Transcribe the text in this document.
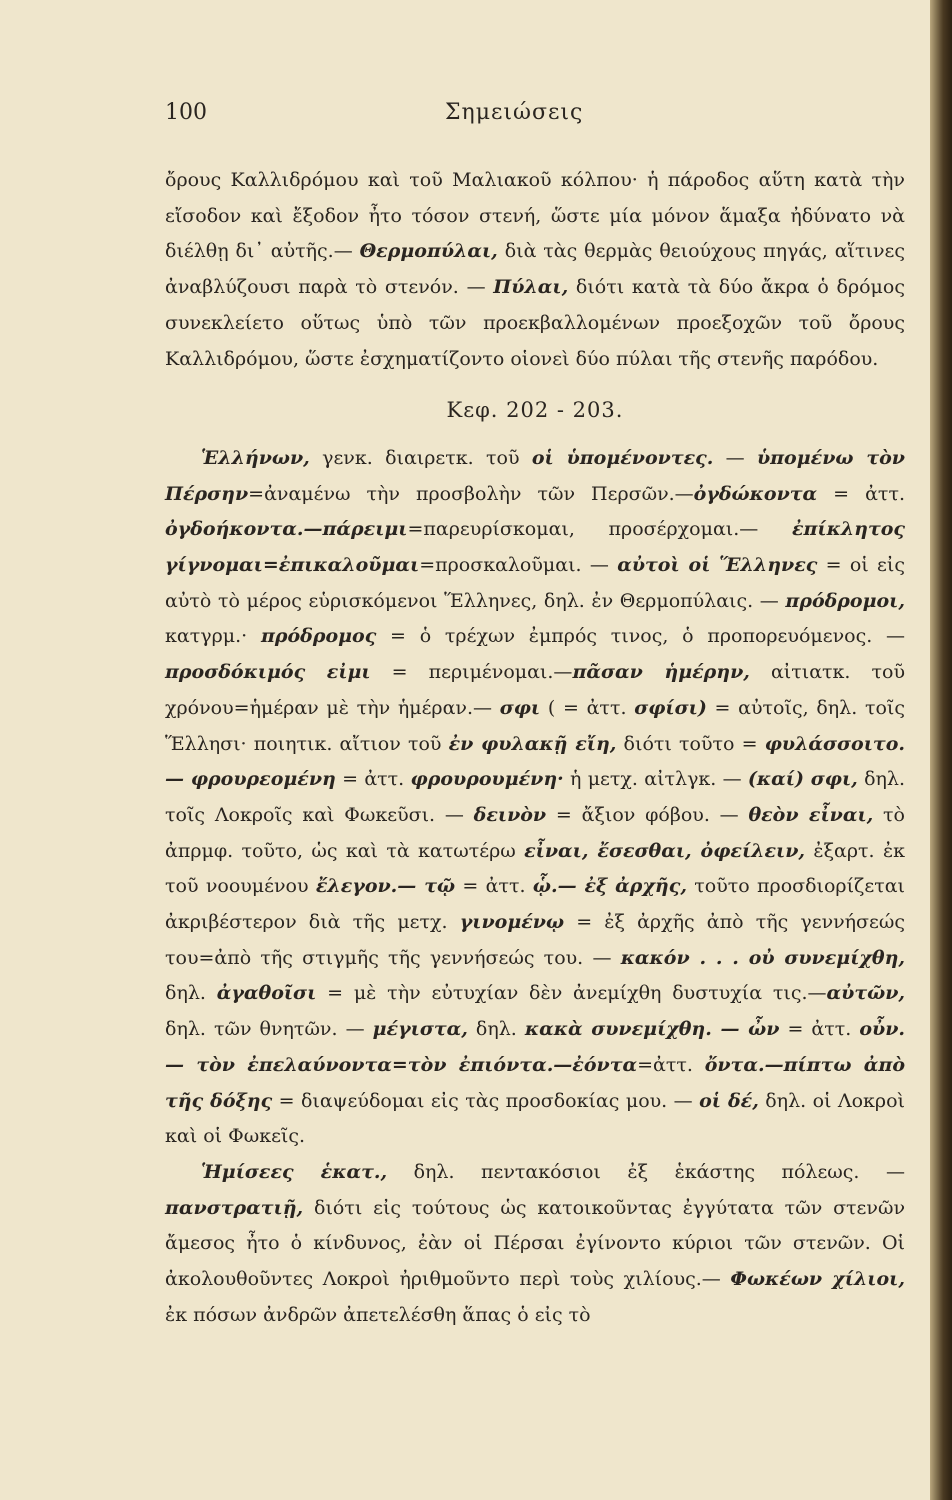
100	Σημειώσεις

ὄρους Καλλιδρόμου καὶ τοῦ Μαλιακοῦ κόλπου· ἡ πάροδος αὕτη κατὰ τὴν εἴσοδον καὶ ἔξοδον ἦτο τόσον στενή, ὥστε μία μόνον ἅμαξα ἠδύνατο νὰ διέλθῃ δι᾽ αὐτῆς.— Θερμοπύλαι, διὰ τὰς θερμὰς θειούχους πηγάς, αἵτινες ἀναβλύζουσι παρὰ τὸ στενόν. — Πύλαι, διότι κατὰ τὰ δύο ἄκρα ὁ δρόμος συνεκλείετο οὕτως ὑπὸ τῶν προεκβαλλομένων προεξοχῶν τοῦ ὄρους Καλλιδρόμου, ὥστε ἐσχηματίζοντο οἱονεὶ δύο πύλαι τῆς στενῆς παρόδου.

Κεφ. 202 - 203.

Ἑλλήνων, γενκ. διαιρετκ. τοῦ οἱ ὑπομένοντες. — ὑπομένω τὸν Πέρσην=ἀναμένω τὴν προσβολὴν τῶν Περσῶν.—ὀγδώκοντα = ἀττ. ὀγδοήκοντα.—πάρειμι=παρευρίσκομαι, προσέρχομαι.— ἐπίκλητος γίγνομαι=ἐπικαλοῦμαι=προσκαλοῦμαι. — αὐτοὶ οἱ Ἕλληνες = οἱ εἰς αὐτὸ τὸ μέρος εὑρισκόμενοι Ἕλληνες, δηλ. ἐν Θερμοπύλαις. — πρόδρομοι, κατγρμ.· πρόδρομος = ὁ τρέχων ἐμπρός τινος, ὁ προπορευόμενος. — προσδόκιμός εἰμι = περιμένομαι.—πᾶσαν ἡμέρην, αἰτιατκ. τοῦ χρόνου=ἡμέραν μὲ τὴν ἡμέραν.— σφι ( = ἀττ. σφίσι) = αὐτοῖς, δηλ. τοῖς Ἕλλησι· ποιητικ. αἴτιον τοῦ ἐν φυλακῇ εἴη, διότι τοῦτο = φυλάσσοιτο.— φρουρεομένη = ἀττ. φρουρουμένη· ἡ μετχ. αἰτλγκ. — (καί) σφι, δηλ. τοῖς Λοκροῖς καὶ Φωκεῦσι. — δεινὸν = ἄξιον φόβου. — θεὸν εἶναι, τὸ ἀπρμφ. τοῦτο, ὡς καὶ τὰ κατωτέρω εἶναι, ἔσεσθαι, ὀφείλειν, ἐξαρτ. ἐκ τοῦ νοουμένου ἔλεγον.— τῷ = ἀττ. ᾧ.— ἐξ ἀρχῆς, τοῦτο προσδιορίζεται ἀκριβέστερον διὰ τῆς μετχ. γινομένῳ = ἐξ ἀρχῆς ἀπὸ τῆς γεννήσεώς του=ἀπὸ τῆς στιγμῆς τῆς γεννήσεώς του. — κακόν . . . οὐ συνεμίχθη, δηλ. ἀγαθοῖσι = μὲ τὴν εὐτυχίαν δὲν ἀνεμίχθη δυστυχία τις.—αὐτῶν, δηλ. τῶν θνητῶν. — μέγιστα, δηλ. κακὰ συνεμίχθη. — ὦν = ἀττ. οὖν. — τὸν ἐπελαύνοντα=τὸν ἐπιόντα.—ἐόντα=ἀττ. ὄντα.—πίπτω ἀπὸ τῆς δόξης = διαψεύδομαι εἰς τὰς προσδοκίας μου. — οἱ δέ, δηλ. οἱ Λοκροὶ καὶ οἱ Φωκεῖς.

Ἡμίσεες ἑκατ., δηλ. πεντακόσιοι ἐξ ἑκάστης πόλεως. — πανστρατιῇ, διότι εἰς τούτους ὡς κατοικοῦντας ἐγγύτατα τῶν στενῶν ἄμεσος ἦτο ὁ κίνδυνος, ἐὰν οἱ Πέρσαι ἐγίνοντο κύριοι τῶν στενῶν. Οἱ ἀκολουθοῦντες Λοκροὶ ἠριθμοῦντο περὶ τοὺς χιλίους.— Φωκέων χίλιοι, ἐκ πόσων ἀνδρῶν ἀπετελέσθη ἅπας ὁ εἰς τὸ
